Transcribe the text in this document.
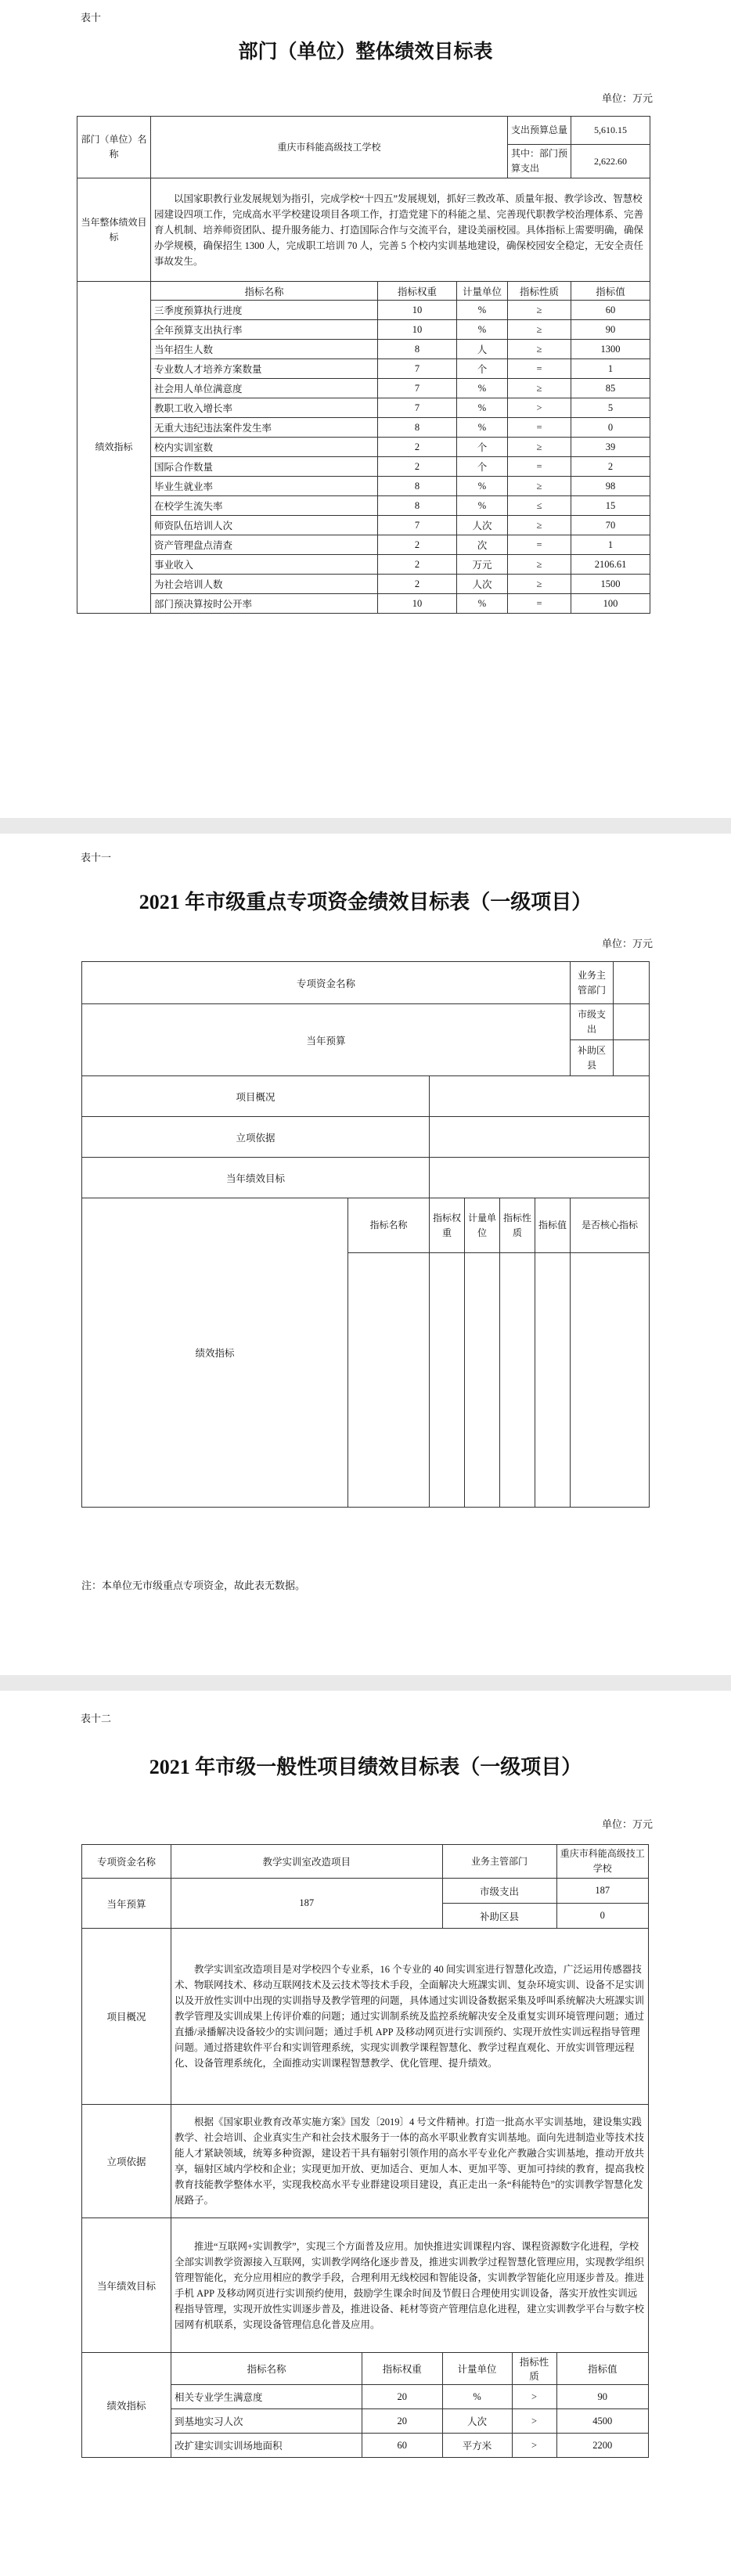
表十
部门（单位）整体绩效目标表
单位：万元
部门（单位）名称	重庆市科能高级技工学校			支出预算总量	5,610.15
				其中：部门预算支出	2,622.60
当年整体绩效目标	以国家职教行业发展规划为指引，完成学校“十四五”发展规划，抓好三教改革、质量年报、教学诊改、智慧校园建设四项工作，完成高水平学校建设项目各项工作，打造党建下的科能之星、完善现代职教学校治理体系、完善育人机制、培养师资团队、提升服务能力、打造国际合作与交流平台，建设美丽校园。具体指标上需要明确，确保办学规模，确保招生 1300 人，完成职工培训 70 人，完善 5 个校内实训基地建设，确保校园安全稳定，无安全责任事故发生。				
绩效指标	指标名称	指标权重	计量单位	指标性质	指标值
	三季度预算执行进度	10	%	≥	60
	全年预算支出执行率	10	%	≥	90
	当年招生人数	8	人	≥	1300
	专业数人才培养方案数量	7	个	=	1
	社会用人单位满意度	7	%	≥	85
	教职工收入增长率	7	%	>	5
	无重大违纪违法案件发生率	8	%	=	0
	校内实训室数	2	个	≥	39
	国际合作数量	2	个	=	2
	毕业生就业率	8	%	≥	98
	在校学生流失率	8	%	≤	15
	师资队伍培训人次	7	人次	≥	70
	资产管理盘点清查	2	次	=	1
	事业收入	2	万元	≥	2106.61
	为社会培训人数	2	人次	≥	1500
	部门预决算按时公开率	10	%	=	100
表十一
2021 年市级重点专项资金绩效目标表（一级项目）
单位：万元
专项资金名称						业务主管部门	
当年预算						市级支出	
						补助区县	
项目概况							
立项依据							
当年绩效目标							
绩效指标	指标名称	指标权重	计量单位	指标性质	指标值	是否核心指标	

注：本单位无市级重点专项资金，故此表无数据。
表十二
2021 年市级一般性项目绩效目标表（一级项目）
单位：万元
专项资金名称	教学实训室改造项目		业务主管部门		重庆市科能高级技工学校
当年预算	187		市级支出		187
			补助区县		0
项目概况	教学实训室改造项目是对学校四个专业系，16 个专业的 40 间实训室进行智慧化改造，广泛运用传感器技术、物联网技术、移动互联网技术及云技术等技术手段，全面解决大班課实训、复杂环境实训、设备不足实训以及开放性实训中出现的实训指导及教学管理的问题，具体通过实训设备数据采集及呼叫系统解决大班課实训教学管理及实训成果上传评价难的问题；通过实训制系统及监控系统解决安全及重复实训环境管理问题；通过直播/录播解决设备较少的实训问题；通过手机 APP 及移动网页进行实训预约、实现开放性实训远程指导管理问题。通过搭建软件平台和实训管理系统，实现实训教学课程智慧化、教学过程直观化、开放实训管理远程化、设备管理系统化，全面推动实训课程智慧教学、优化管理、提升绩效。				
立项依据	根据《国家职业教育改革实施方案》国发〔2019〕4 号文件精神。打造一批高水平实训基地，建设集实践教学、社会培训、企业真实生产和社会技术服务于一体的高水平职业教育实训基地。面向先进制造业等技术技能人才紧缺领域，统筹多种资源，建设若干具有辐射引领作用的高水平专业化产教融合实训基地，推动开放共享，辐射区域内学校和企业；实现更加开放、更加适合、更加人本、更加平等、更加可持续的教育，提高我校教育技能教学整体水平，实现我校高水平专业群建设项目建设，真正走出一条“科能特色”的实训教学智慧化发展路子。				
当年绩效目标	推进“互联网+实训教学”，实现三个方面普及应用。加快推进实训课程内容、课程资源数字化进程，学校全部实训教学资源接入互联网，实训教学网络化逐步普及，推进实训教学过程智慧化管理应用，实现教学组织管理智能化，充分应用相应的教学手段，合理利用无线校园和智能设备，实训教学智能化应用逐步普及。推进手机 APP 及移动网页进行实训预约使用，鼓励学生课余时间及节假日合理使用实训设备，落实开放性实训远程指导管理，实现开放性实训逐步普及，推进设备、耗材等资产管理信息化进程，建立实训教学平台与数字校园网有机联系，实现设备管理信息化普及应用。				
绩效指标	指标名称	指标权重	计量单位	指标性质	指标值
	相关专业学生满意度	20	%	>	90
	到基地实习人次	20	人次	>	4500
	改扩建实训实训场地面积	60	平方米	>	2200
